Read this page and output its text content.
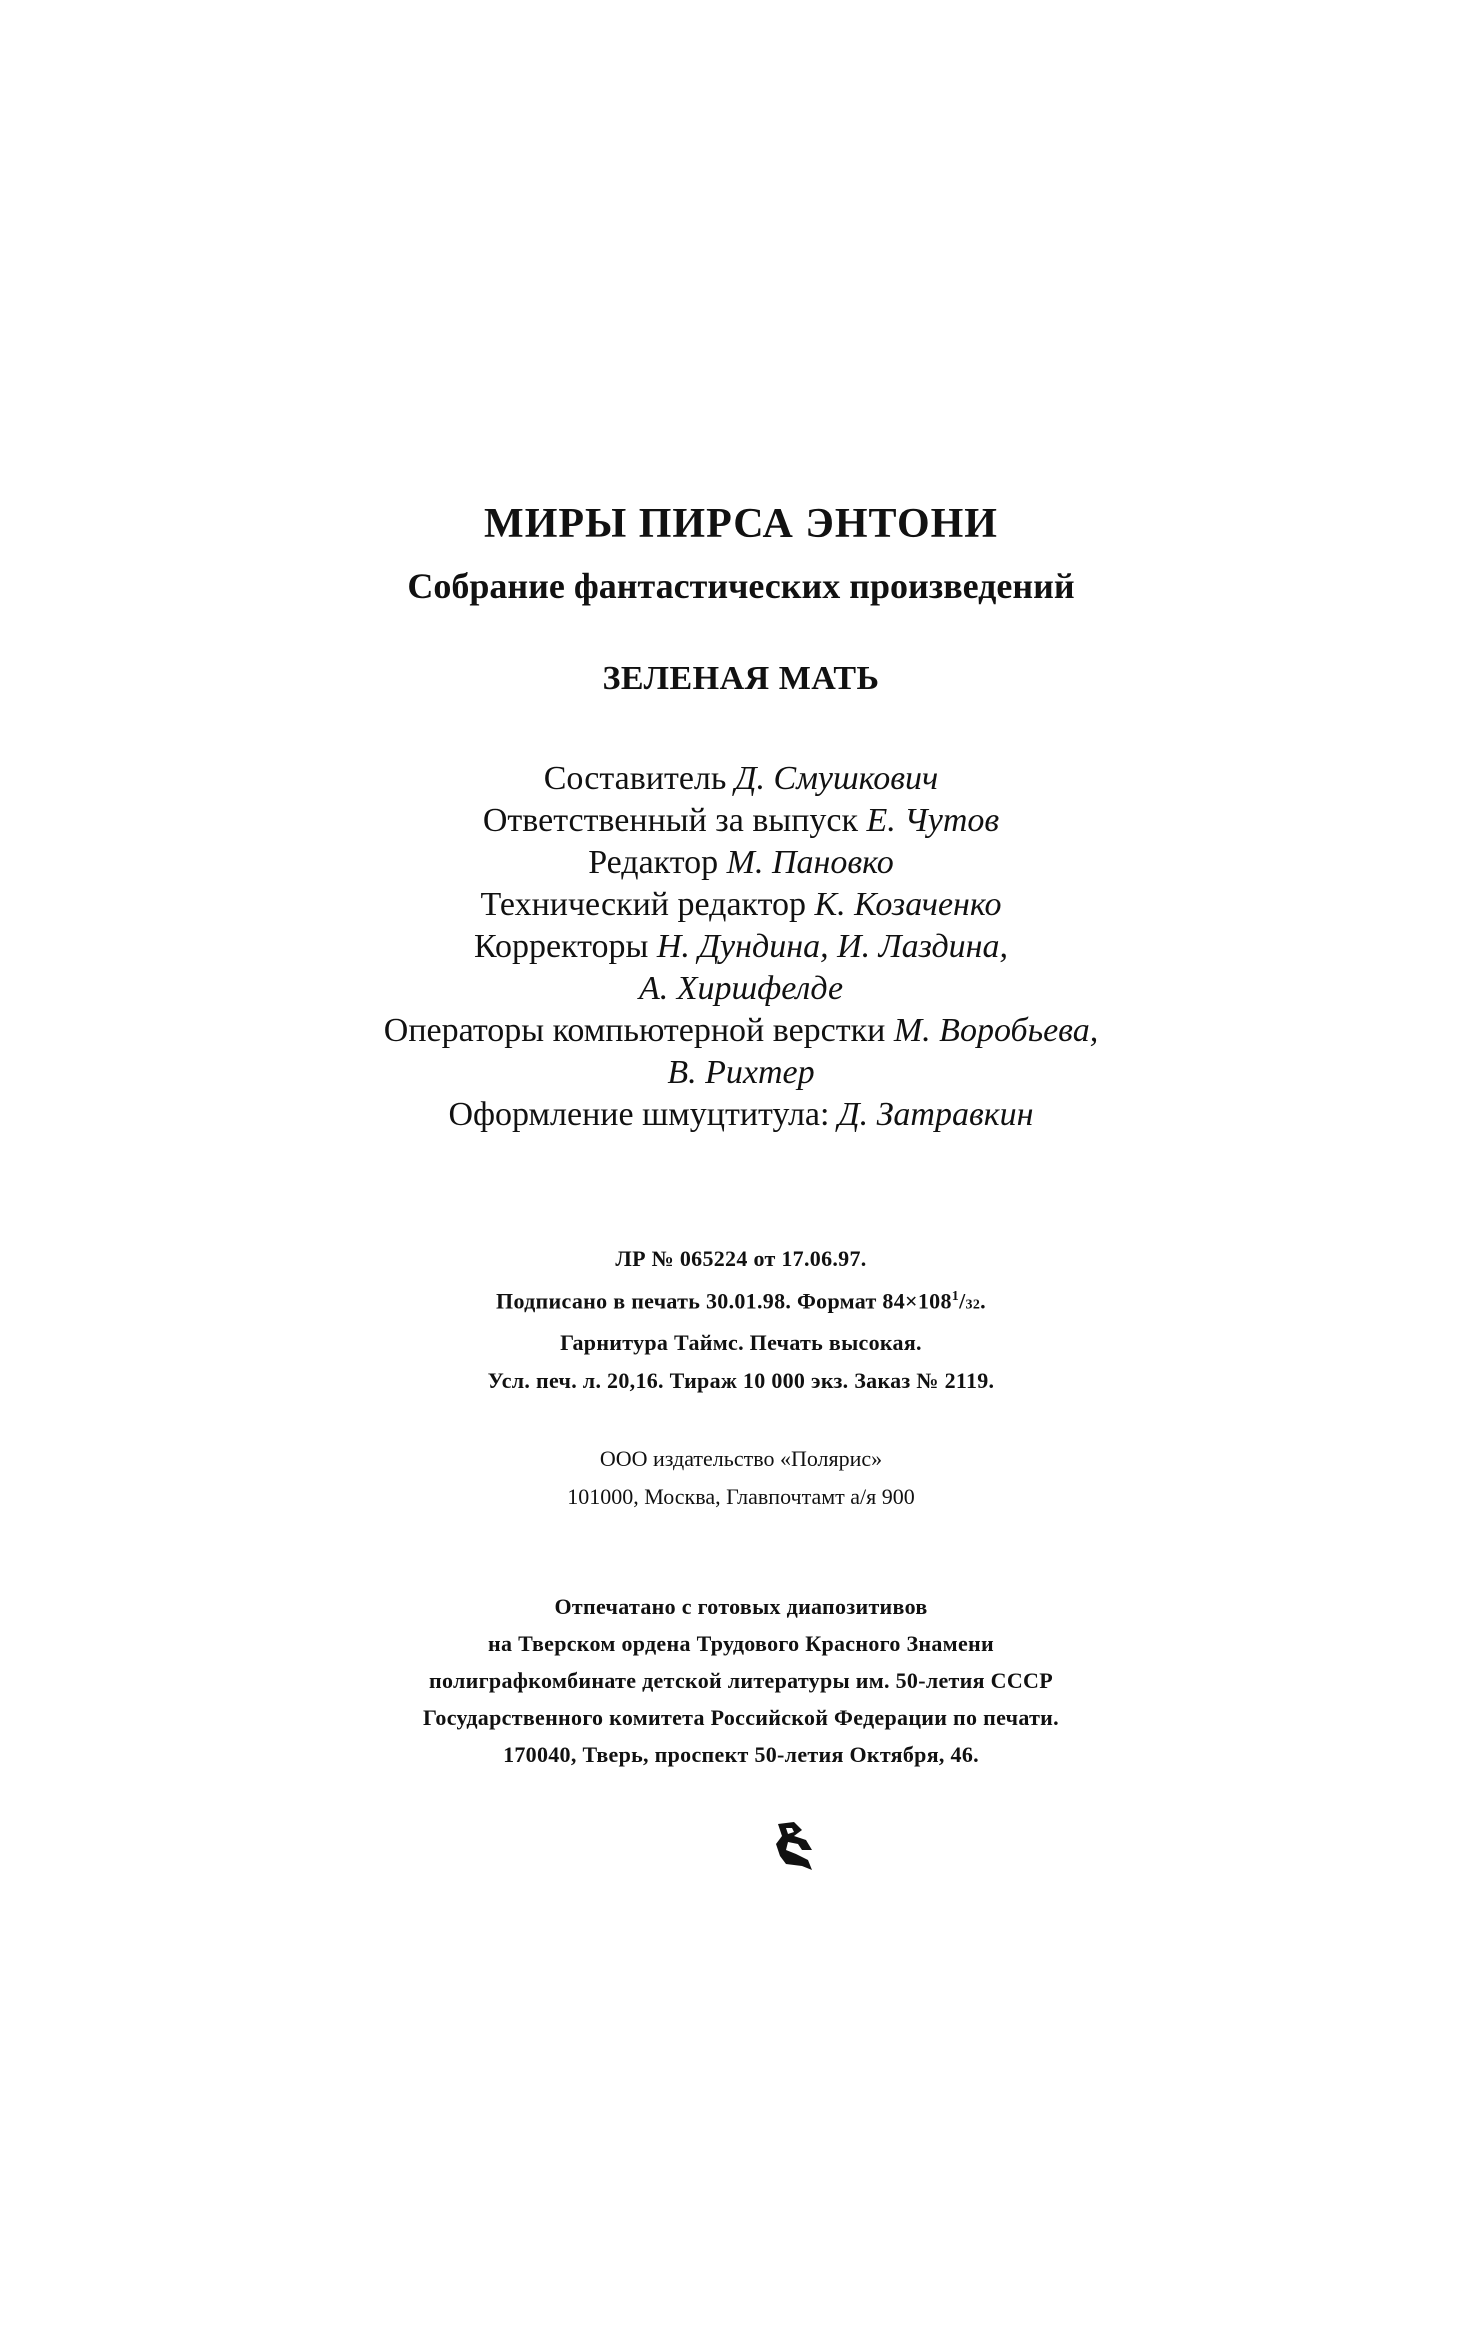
МИРЫ ПИРСА ЭНТОНИ
Собрание фантастических произведений
ЗЕЛЕНАЯ МАТЬ
Составитель Д. Смушкович
Ответственный за выпуск Е. Чутов
Редактор М. Пановко
Технический редактор К. Козаченко
Корректоры Н. Дундина, И. Лаздина,
А. Хиршфелде
Операторы компьютерной верстки М. Воробьева,
В. Рихтер
Оформление шмуцтитула: Д. Затравкин
ЛР № 065224 от 17.06.97.
Подписано в печать 30.01.98. Формат $84\times 108^1/32$.
Гарнитура Таймс. Печать высокая.
Усл. печ. л. 20,16. Тираж 10 000 экз. Заказ № 2119.
ООО издательство «Полярис»
101000, Москва, Главпочтамт а/я 900
Отпечатано с готовых диапозитивов
на Тверском ордена Трудового Красного Знамени
полиграфкомбинате детской литературы им. 50-летия СССР
Государственного комитета Российской Федерации по печати.
170040, Тверь, проспект 50-летия Октября, 46.
